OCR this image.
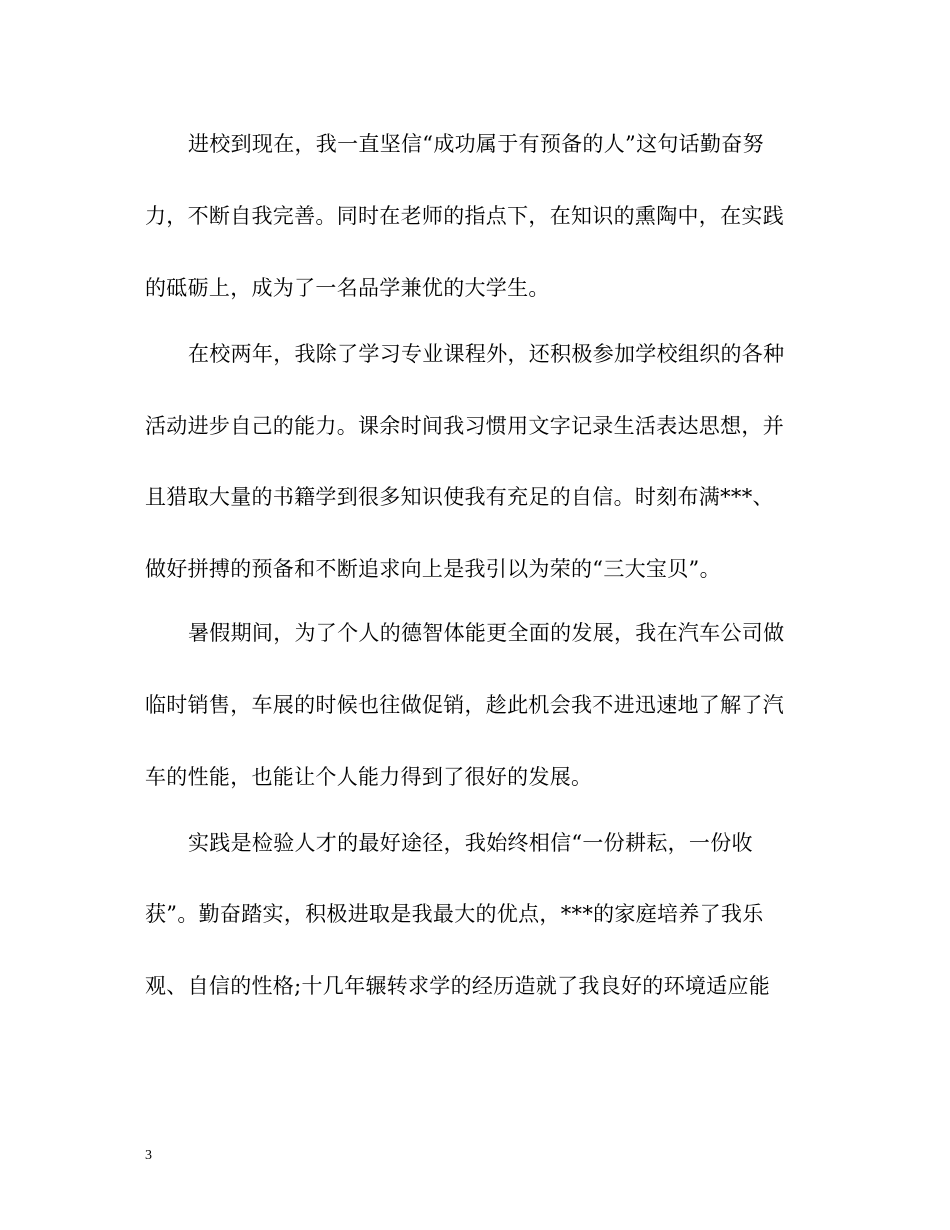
进校到现在，我一直坚信“成功属于有预备的人”这句话勤奋努
力，不断自我完善。同时在老师的指点下，在知识的熏陶中，在实践
的砥砺上，成为了一名品学兼优的大学生。
在校两年，我除了学习专业课程外，还积极参加学校组织的各种
活动进步自己的能力。课余时间我习惯用文字记录生活表达思想，并
且猎取大量的书籍学到很多知识使我有充足的自信。时刻布满***、
做好拼搏的预备和不断追求向上是我引以为荣的“三大宝贝”。
暑假期间，为了个人的德智体能更全面的发展，我在汽车公司做
临时销售，车展的时候也往做促销，趁此机会我不进迅速地了解了汽
车的性能，也能让个人能力得到了很好的发展。
实践是检验人才的最好途径，我始终相信“一份耕耘，一份收
获”。勤奋踏实，积极进取是我最大的优点，***的家庭培养了我乐
观、自信的性格;十几年辗转求学的经历造就了我良好的环境适应能
3
